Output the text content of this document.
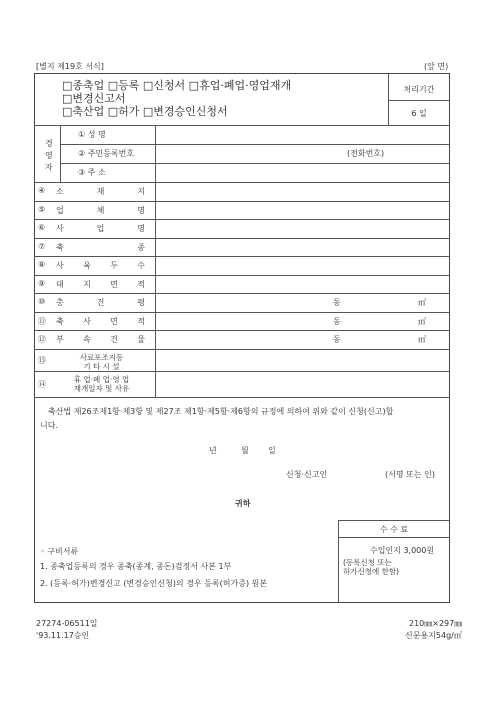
[별지 제19호 서식]	(앞 면)
□종축업 □등록 □신청서 □휴업·폐업·영업재개
□변경신고서
□축산업 □허가 □변경승인신청서
처리기간
6 일
경
영
자
① 성 명
② 주민등록번호	(전화번호)
③ 주 소
④ 소	재	지
⑤ 업	체	명
⑥ 사	업	명
⑦ 축	종
⑧ 사 육 두 수
⑨ 대 지 면 적
⑩ 총	건	평	동	㎡
⑪ 축 사 면 적	동	㎡
⑫ 부 속 건 물	동	㎡
⑬	사료포조지등
기 타 시 설
⑭
휴 업·폐 업·영 업
재개일자 및 사유
축산법 제26조제1항·제3항 및 제27조 제1항·제5항·제6항의 규정에 의하여 위와 같이 신청(신고)합
니다.
년	월 일
신청·신고인	(서명 또는 인)
귀하
수 수 료
수입인지 3,000원
(등록신청 또는
허가신청에 한함)
◦ 구비서류
1. 종축업등록의 경우 종축(종계, 종돈)검정서 사본 1부
2. (등록·허가)변경신고 (변경승인신청)의 경우 등록(허가증) 원본
27274-06511일
'93.11.17승인
210㎜×297㎜
신문용지54g/㎡
